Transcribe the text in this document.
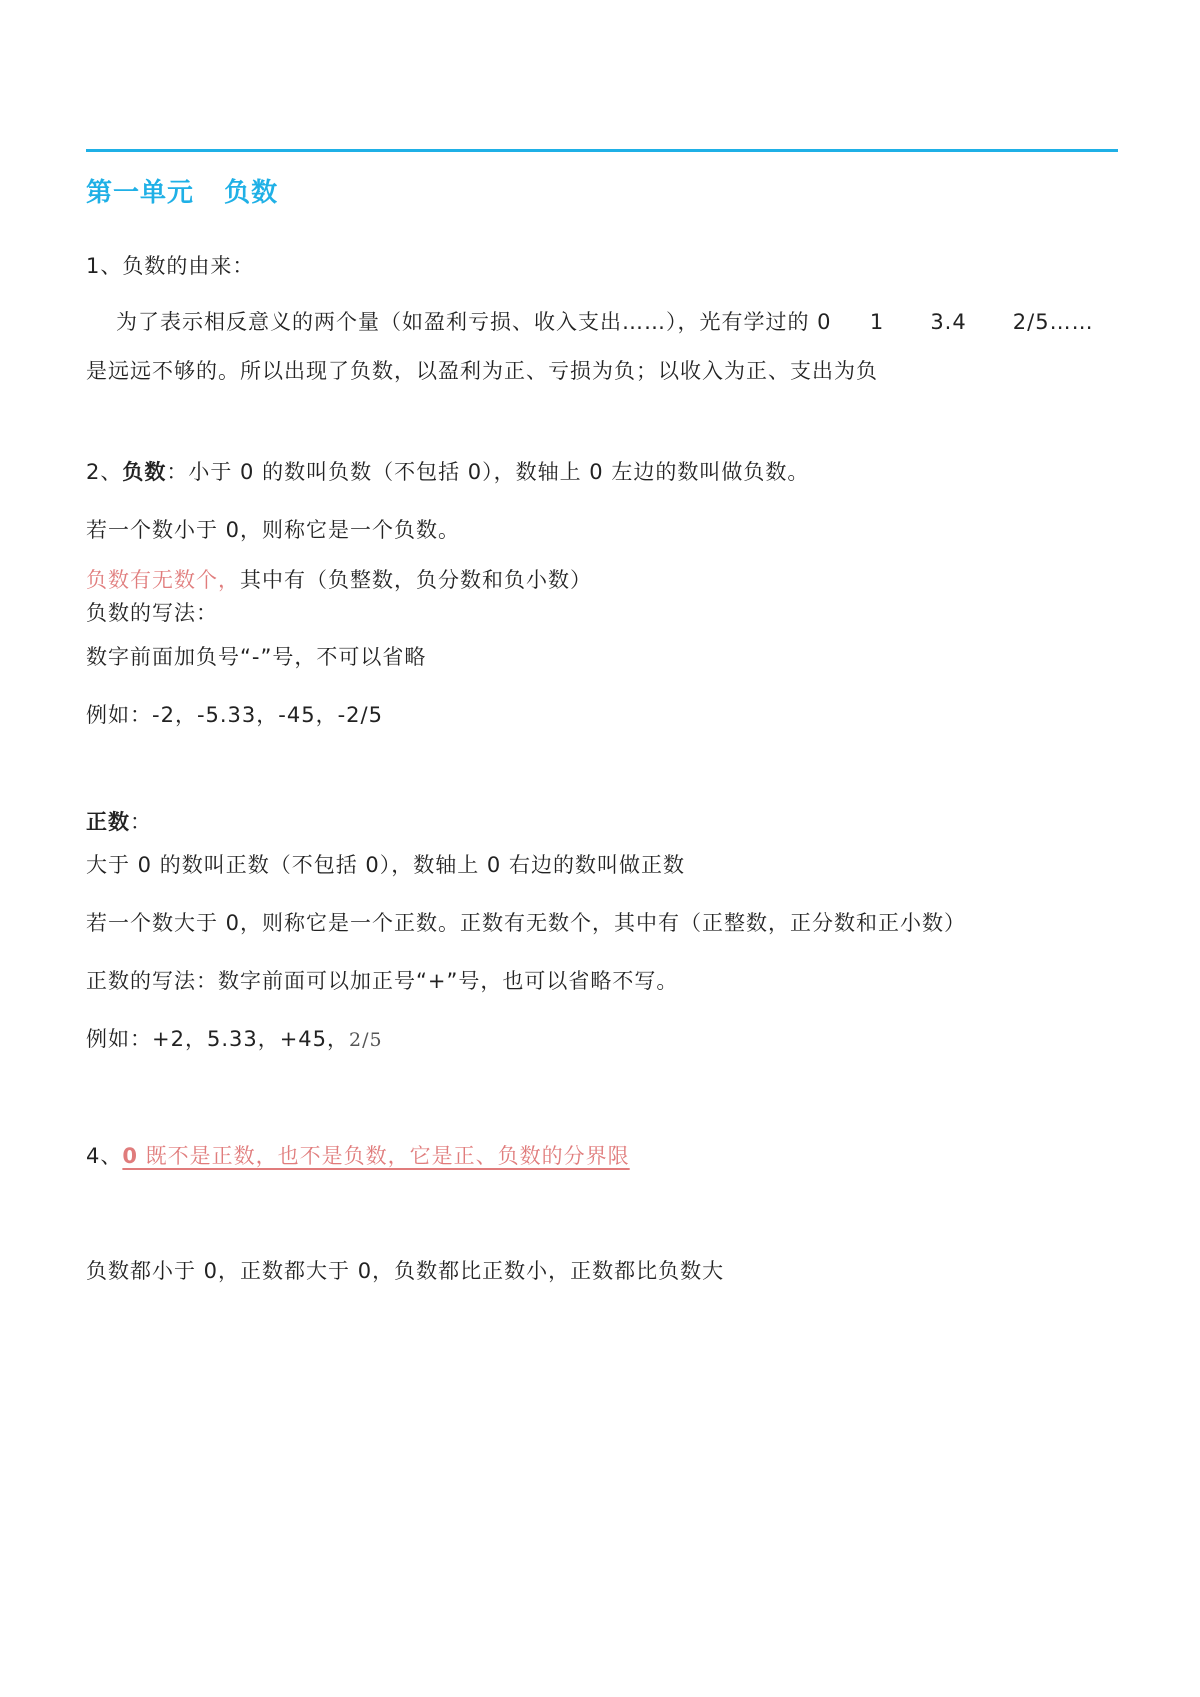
第一单元   负数
1、负数的由来：
为了表示相反意义的两个量（如盈利亏损、收入支出……），光有学过的 0     1      3.4      2/5……
是远远不够的。所以出现了负数，以盈利为正、亏损为负；以收入为正、支出为负
2、负数：小于 0 的数叫负数（不包括 0），数轴上 0 左边的数叫做负数。
若一个数小于 0，则称它是一个负数。
负数有无数个，其中有（负整数，负分数和负小数）
负数的写法：
数字前面加负号“-”号，不可以省略
例如：-2，-5.33，-45，-2/5
正数：
大于 0 的数叫正数（不包括 0），数轴上 0 右边的数叫做正数
若一个数大于 0，则称它是一个正数。正数有无数个，其中有（正整数，正分数和正小数）
正数的写法：数字前面可以加正号“+”号，也可以省略不写。
例如：+2，5.33，+45，2/5
4、0 既不是正数，也不是负数，它是正、负数的分界限
负数都小于 0，正数都大于 0，负数都比正数小，正数都比负数大
